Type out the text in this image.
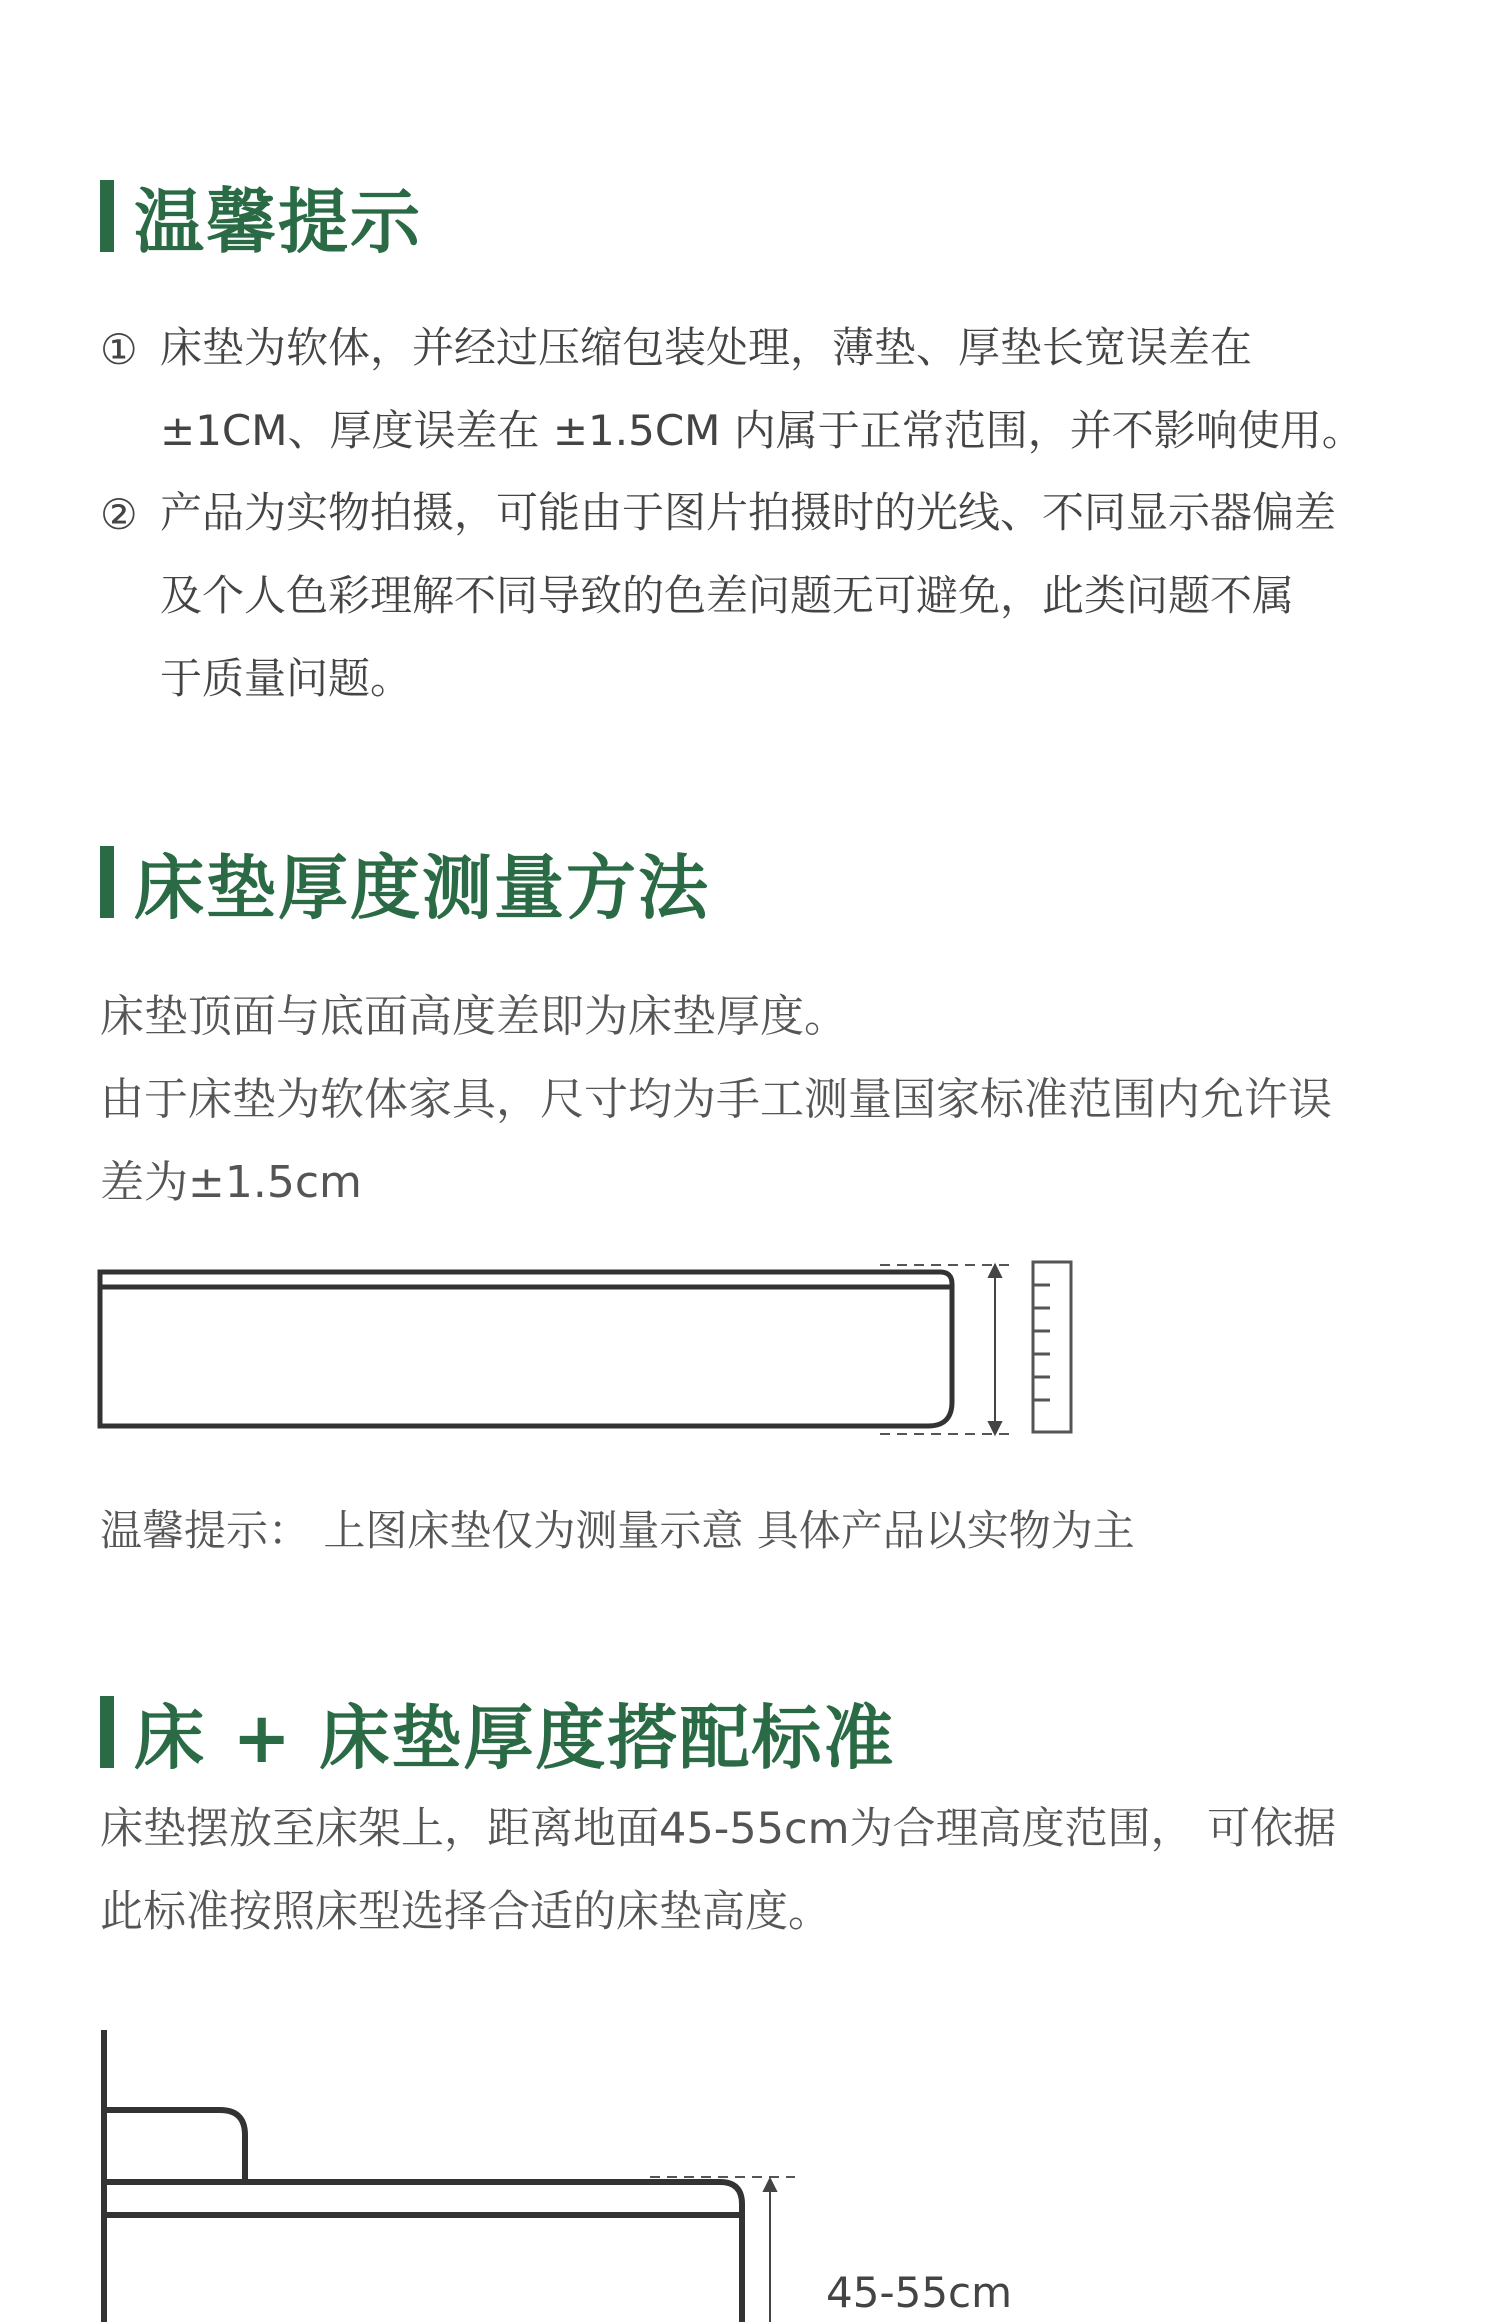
温馨提示
① 床垫为软体，并经过压缩包装处理，薄垫、厚垫长宽误差在
±1CM、厚度误差在 ±1.5CM 内属于正常范围，并不影响使用。
② 产品为实物拍摄，可能由于图片拍摄时的光线、不同显示器偏差
及个人色彩理解不同导致的色差问题无可避免，此类问题不属
于质量问题。
床垫厚度测量方法
床垫顶面与底面高度差即为床垫厚度。
由于床垫为软体家具，尺寸均为手工测量国家标准范围内允许误
差为±1.5cm
温馨提示： 上图床垫仅为测量示意 具体产品以实物为主
床 + 床垫厚度搭配标准
床垫摆放至床架上，距离地面45-55cm为合理高度范围， 可依据
此标准按照床型选择合适的床垫高度。
45-55cm
